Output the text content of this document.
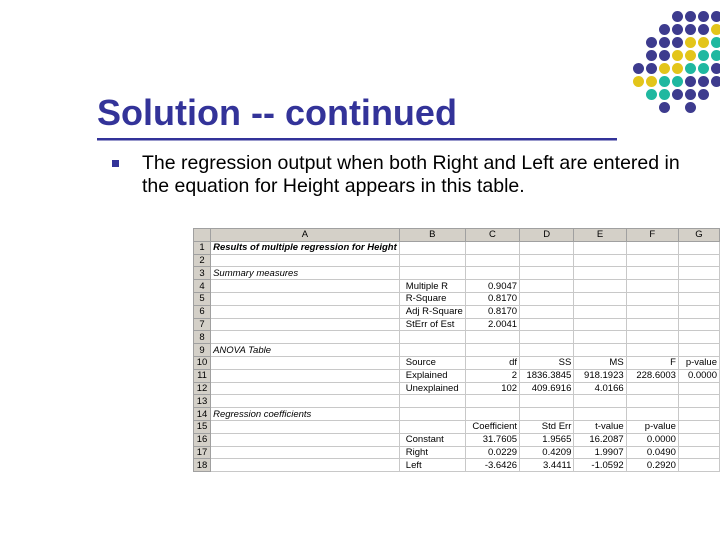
Solution -- continued
The regression output when both Right and Left are entered in the equation for Height appears in this table.
	A	B	C	D	E	F	G
1	Results of multiple regression for Height						
2							
3	Summary measures						
4		Multiple R	0.9047				
5		R-Square	0.8170				
6		Adj R-Square	0.8170				
7		StErr of Est	2.0041				
8							
9	ANOVA Table						
10		Source	df	SS	MS	F	p-value
11		Explained	2	1836.3845	918.1923	228.6003	0.0000
12		Unexplained	102	409.6916	4.0166		
13							
14	Regression coefficients						
15			Coefficient	Std Err	t-value	p-value	
16		Constant	31.7605	1.9565	16.2087	0.0000	
17		Right	0.0229	0.4209	1.9907	0.0490	
18		Left	-3.6426	3.4411	-1.0592	0.2920	
